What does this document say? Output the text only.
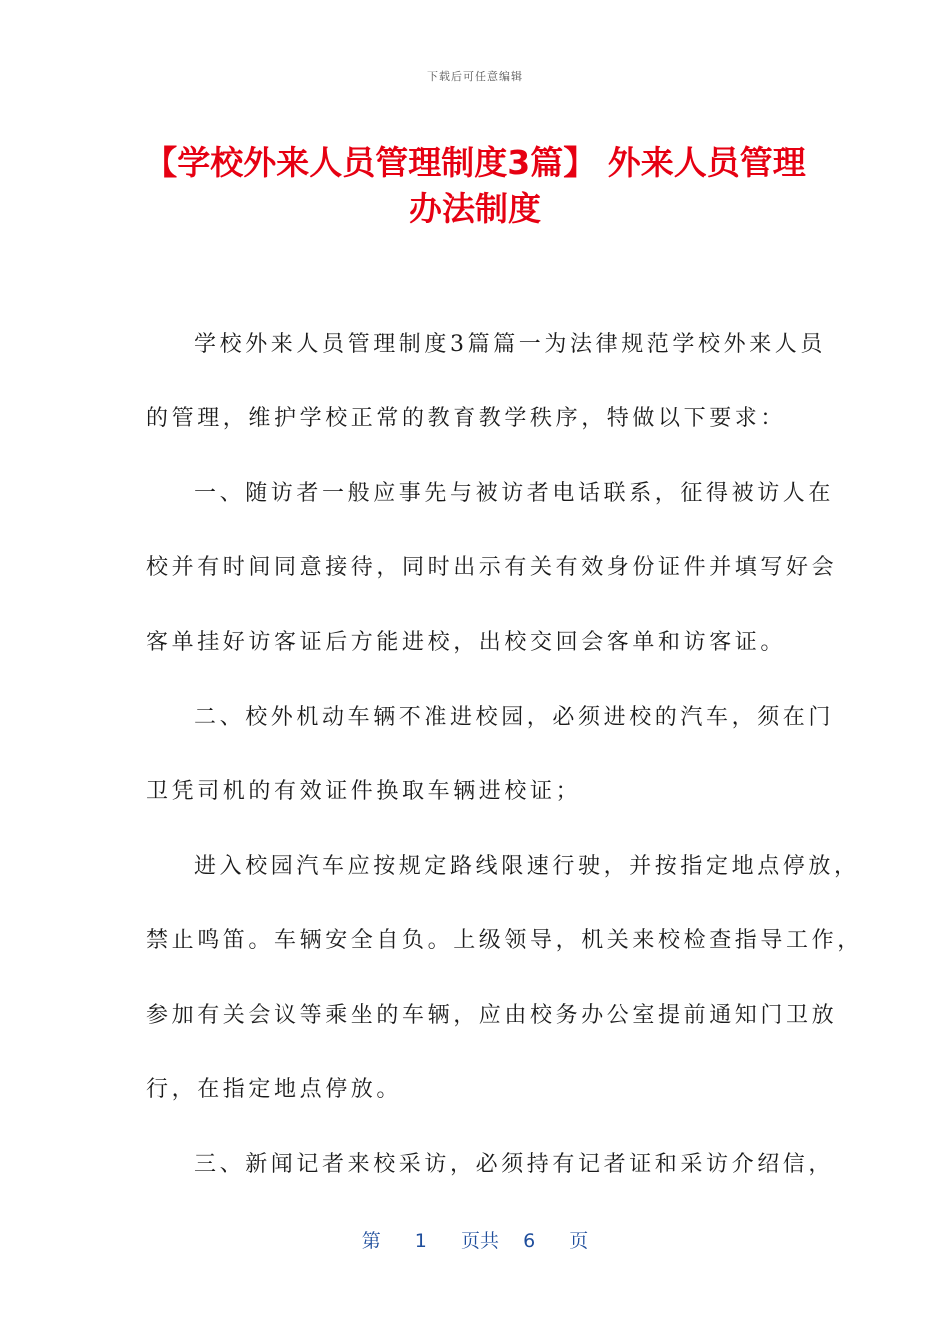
下载后可任意编辑
【学校外来人员管理制度3篇】 外来人员管理办法制度
学校外来人员管理制度3篇篇一为法律规范学校外来人员
的管理，维护学校正常的教育教学秩序，特做以下要求：
一、随访者一般应事先与被访者电话联系，征得被访人在
校并有时间同意接待，同时出示有关有效身份证件并填写好会
客单挂好访客证后方能进校，出校交回会客单和访客证。
二、校外机动车辆不准进校园，必须进校的汽车，须在门
卫凭司机的有效证件换取车辆进校证；
进入校园汽车应按规定路线限速行驶，并按指定地点停放，
禁止鸣笛。车辆安全自负。上级领导，机关来校检查指导工作，
参加有关会议等乘坐的车辆，应由校务办公室提前通知门卫放
行，在指定地点停放。
三、新闻记者来校采访，必须持有记者证和采访介绍信，
第 1 页共 6 页
